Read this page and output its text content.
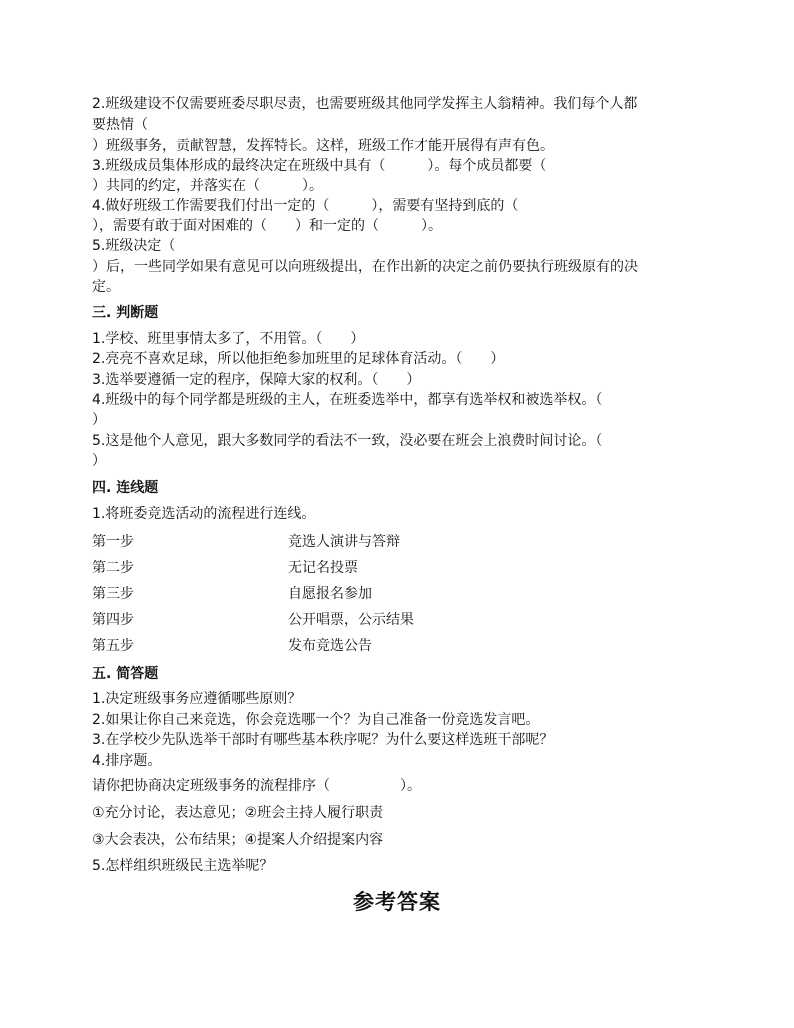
2.班级建设不仅需要班委尽职尽责，也需要班级其他同学发挥主人翁精神。我们每个人都
要热情（
）班级事务，贡献智慧，发挥特长。这样，班级工作才能开展得有声有色。
3.班级成员集体形成的最终决定在班级中具有（　　　）。每个成员都要（
）共同的约定，并落实在（　　　）。
4.做好班级工作需要我们付出一定的（　　　），需要有坚持到底的（
），需要有敢于面对困难的（　　）和一定的（　　　）。
5.班级决定（
）后，一些同学如果有意见可以向班级提出，在作出新的决定之前仍要执行班级原有的决
定。
三. 判断题
1.学校、班里事情太多了，不用管。（　　）
2.亮亮不喜欢足球，所以他拒绝参加班里的足球体育活动。（　　）
3.选举要遵循一定的程序，保障大家的权利。（　　）
4.班级中的每个同学都是班级的主人，在班委选举中，都享有选举权和被选举权。（
）
5.这是他个人意见，跟大多数同学的看法不一致，没必要在班会上浪费时间讨论。（
）
四. 连线题
1.将班委竞选活动的流程进行连线。
第一步	竞选人演讲与答辩
第二步	无记名投票
第三步	自愿报名参加
第四步	公开唱票，公示结果
第五步	发布竞选公告
五. 简答题
1.决定班级事务应遵循哪些原则？
2.如果让你自己来竞选，你会竞选哪一个？为自己准备一份竞选发言吧。
3.在学校少先队选举干部时有哪些基本秩序呢？为什么要这样选班干部呢？
4.排序题。
请你把协商决定班级事务的流程排序（　　　　　）。
①充分讨论，表达意见；②班会主持人履行职责
③大会表决，公布结果；④提案人介绍提案内容
5.怎样组织班级民主选举呢？
参考答案
